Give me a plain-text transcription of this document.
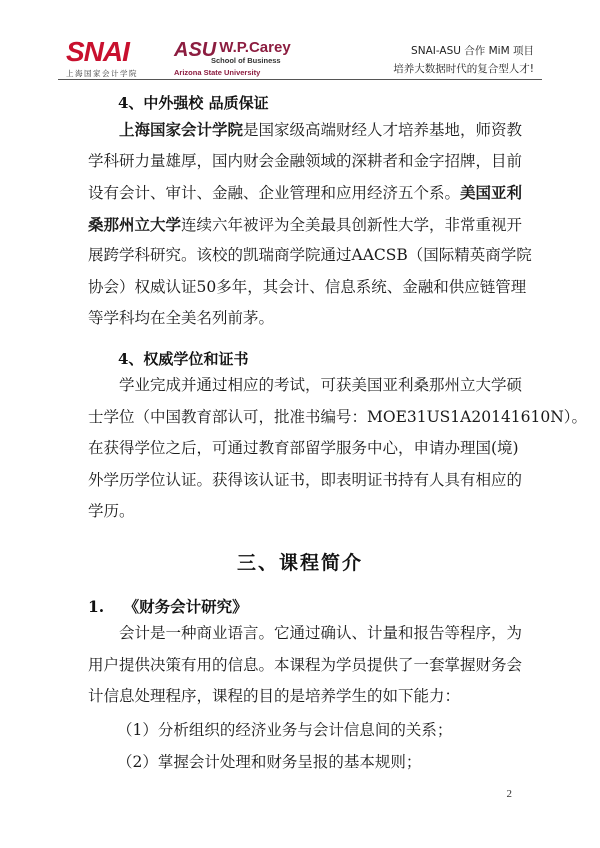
SNAI
上海国家会计学院
ASU W.P.Carey
School of Business
Arizona State University
SNAI-ASU 合作 MiM 项目
培养大数据时代的复合型人才!
4、中外强校 品质保证
上海国家会计学院是国家级高端财经人才培养基地，师资教
学科研力量雄厚，国内财会金融领域的深耕者和金字招牌，目前
设有会计、审计、金融、企业管理和应用经济五个系。美国亚利
桑那州立大学连续六年被评为全美最具创新性大学，非常重视开
展跨学科研究。该校的凯瑞商学院通过AACSB（国际精英商学院
协会）权威认证50多年，其会计、信息系统、金融和供应链管理
等学科均在全美名列前茅。
4、权威学位和证书
学业完成并通过相应的考试，可获美国亚利桑那州立大学硕
士学位（中国教育部认可，批准书编号：MOE31US1A20141610N）。
在获得学位之后，可通过教育部留学服务中心，申请办理国(境)
外学历学位认证。获得该认证书，即表明证书持有人具有相应的
学历。
三、课程简介
1. 《财务会计研究》
会计是一种商业语言。它通过确认、计量和报告等程序，为
用户提供决策有用的信息。本课程为学员提供了一套掌握财务会
计信息处理程序，课程的目的是培养学生的如下能力：
（1）分析组织的经济业务与会计信息间的关系；
（2）掌握会计处理和财务呈报的基本规则；
2
